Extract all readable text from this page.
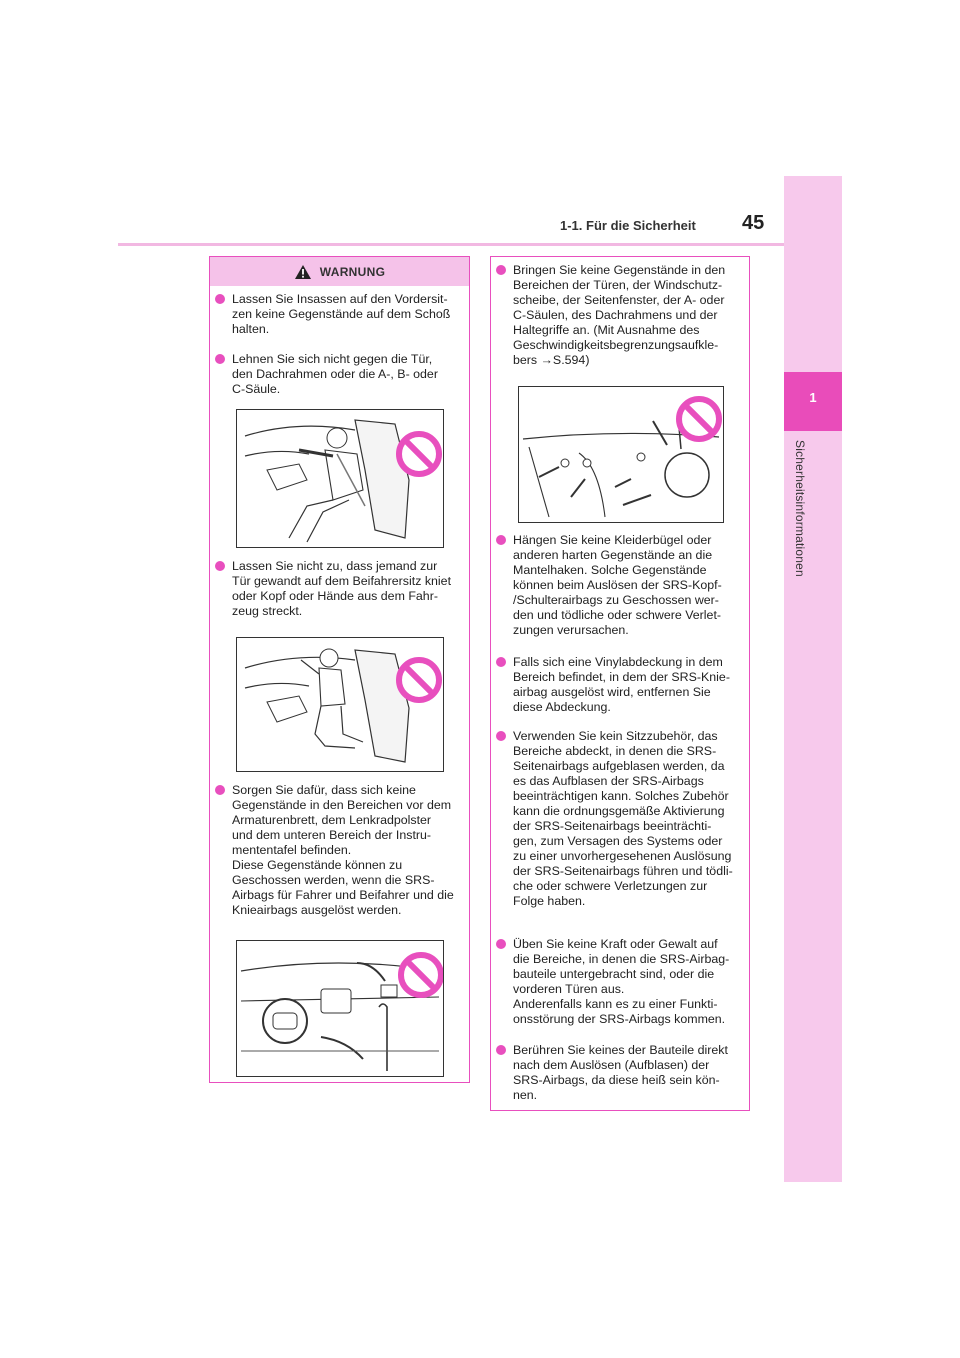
1-1. Für die Sicherheit 45
1
Sicherheitsinformationen
WARNUNG

Lassen Sie Insassen auf den Vordersit-
zen keine Gegenstände auf dem Schoß
halten.

Lehnen Sie sich nicht gegen die Tür,
den Dachrahmen oder die A-, B- oder
C-Säule.

Lassen Sie nicht zu, dass jemand zur
Tür gewandt auf dem Beifahrersitz kniet
oder Kopf oder Hände aus dem Fahr-
zeug streckt.

Sorgen Sie dafür, dass sich keine
Gegenstände in den Bereichen vor dem
Armaturenbrett, dem Lenkradpolster
und dem unteren Bereich der Instru-
mententafel befinden.
Diese Gegenstände können zu
Geschossen werden, wenn die SRS-
Airbags für Fahrer und Beifahrer und die
Knieairbags ausgelöst werden.

Bringen Sie keine Gegenstände in den
Bereichen der Türen, der Windschutz-
scheibe, der Seitenfenster, der A- oder
C-Säulen, des Dachrahmens und der
Haltegriffe an. (Mit Ausnahme des
Geschwindigkeitsbegrenzungsaufkle-
bers →S.594)

Hängen Sie keine Kleiderbügel oder
anderen harten Gegenstände an die
Mantelhaken. Solche Gegenstände
können beim Auslösen der SRS-Kopf-
/Schulterairbags zu Geschossen wer-
den und tödliche oder schwere Verlet-
zungen verursachen.

Falls sich eine Vinylabdeckung in dem
Bereich befindet, in dem der SRS-Knie-
airbag ausgelöst wird, entfernen Sie
diese Abdeckung.

Verwenden Sie kein Sitzzubehör, das
Bereiche abdeckt, in denen die SRS-
Seitenairbags aufgeblasen werden, da
es das Aufblasen der SRS-Airbags
beeinträchtigen kann. Solches Zubehör
kann die ordnungsgemäße Aktivierung
der SRS-Seitenairbags beeinträchti-
gen, zum Versagen des Systems oder
zu einer unvorhergesehenen Auslösung
der SRS-Seitenairbags führen und tödli-
che oder schwere Verletzungen zur
Folge haben.

Üben Sie keine Kraft oder Gewalt auf
die Bereiche, in denen die SRS-Airbag-
bauteile untergebracht sind, oder die
vorderen Türen aus.
Anderenfalls kann es zu einer Funkti-
onsstörung der SRS-Airbags kommen.

Berühren Sie keines der Bauteile direkt
nach dem Auslösen (Aufblasen) der
SRS-Airbags, da diese heiß sein kön-
nen.
